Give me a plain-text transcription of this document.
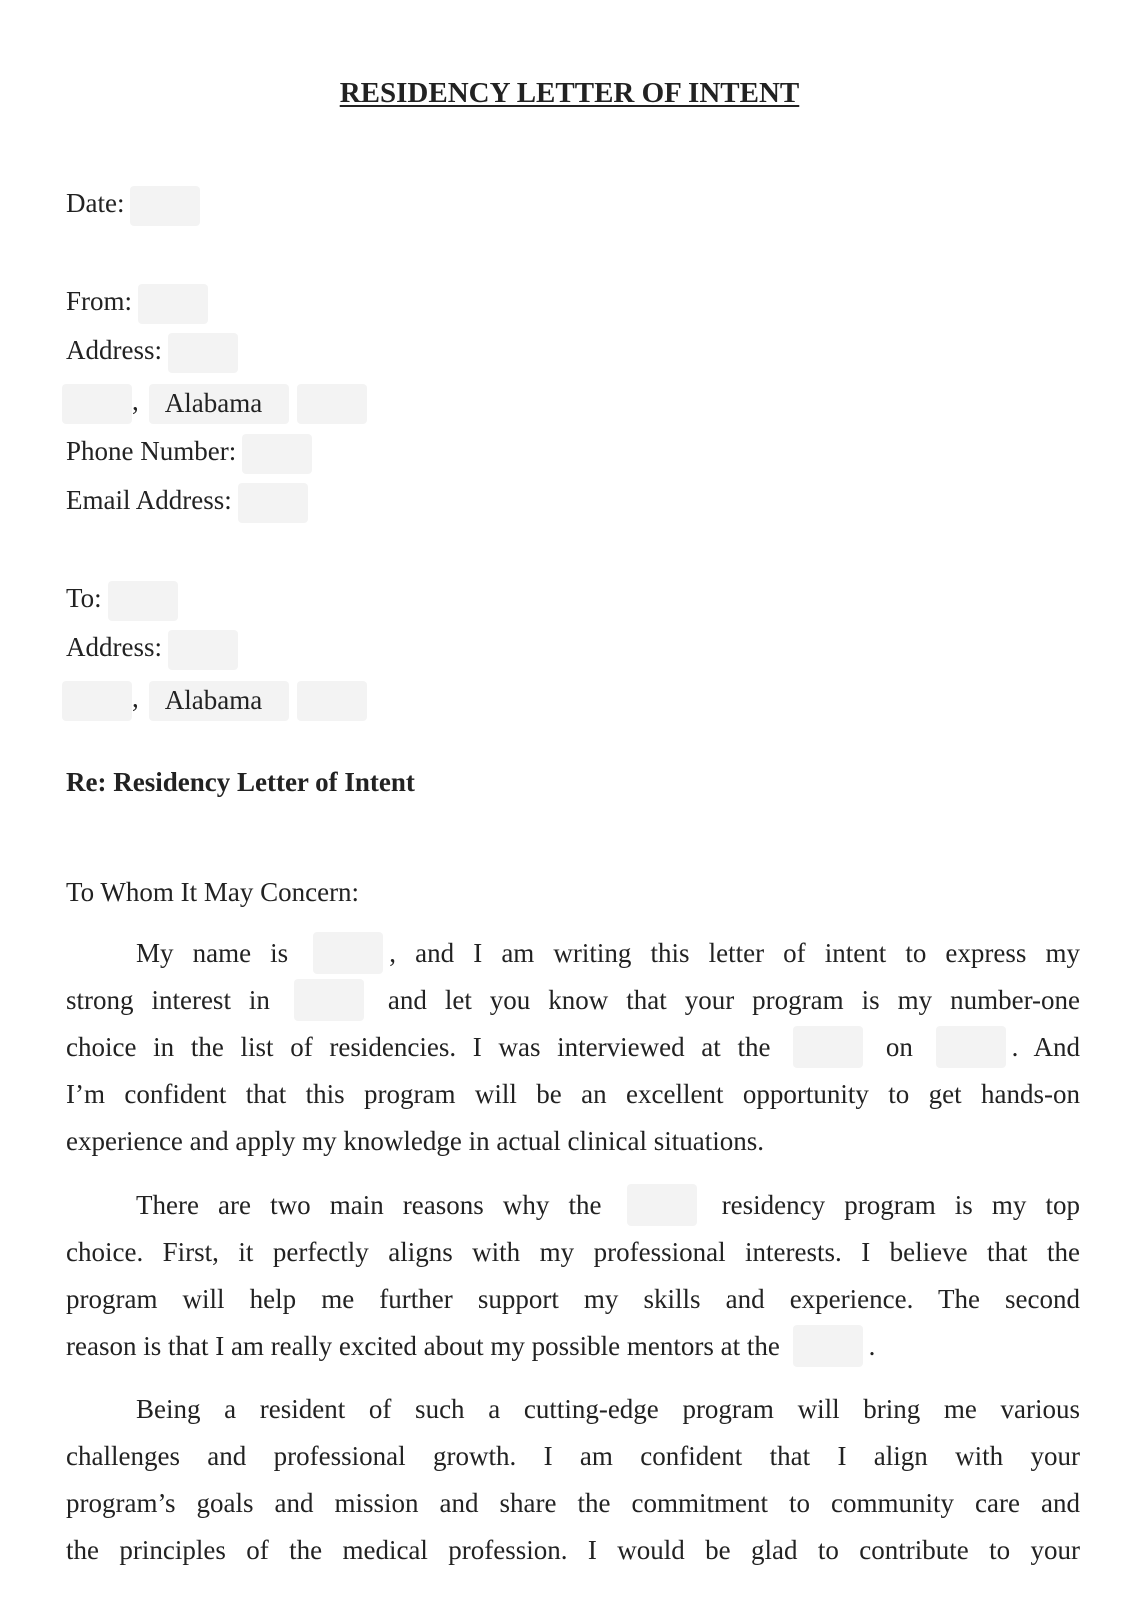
RESIDENCY LETTER OF INTENT
Date:
From:
Address:
, Alabama
Phone Number:
Email Address:
To:
Address:
, Alabama
Re: Residency Letter of Intent
To Whom It May Concern:
My name is	, and I am writing this letter of intent to express my
strong interest in	and let you know that your program is my number-one
choice in the list of residencies. I was interviewed at the	on	. And
I’m confident that this program will be an excellent opportunity to get hands-on
experience and apply my knowledge in actual clinical situations.
There are two main reasons why the	residency program is my top
choice. First, it perfectly aligns with my professional interests. I believe that the
program will help me further support my skills and experience. The second
reason is that I am really excited about my possible mentors at the	.
Being a resident of such a cutting-edge program will bring me various
challenges and professional growth. I am confident that I align with your
program’s goals and mission and share the commitment to community care and
the principles of the medical profession. I would be glad to contribute to your
